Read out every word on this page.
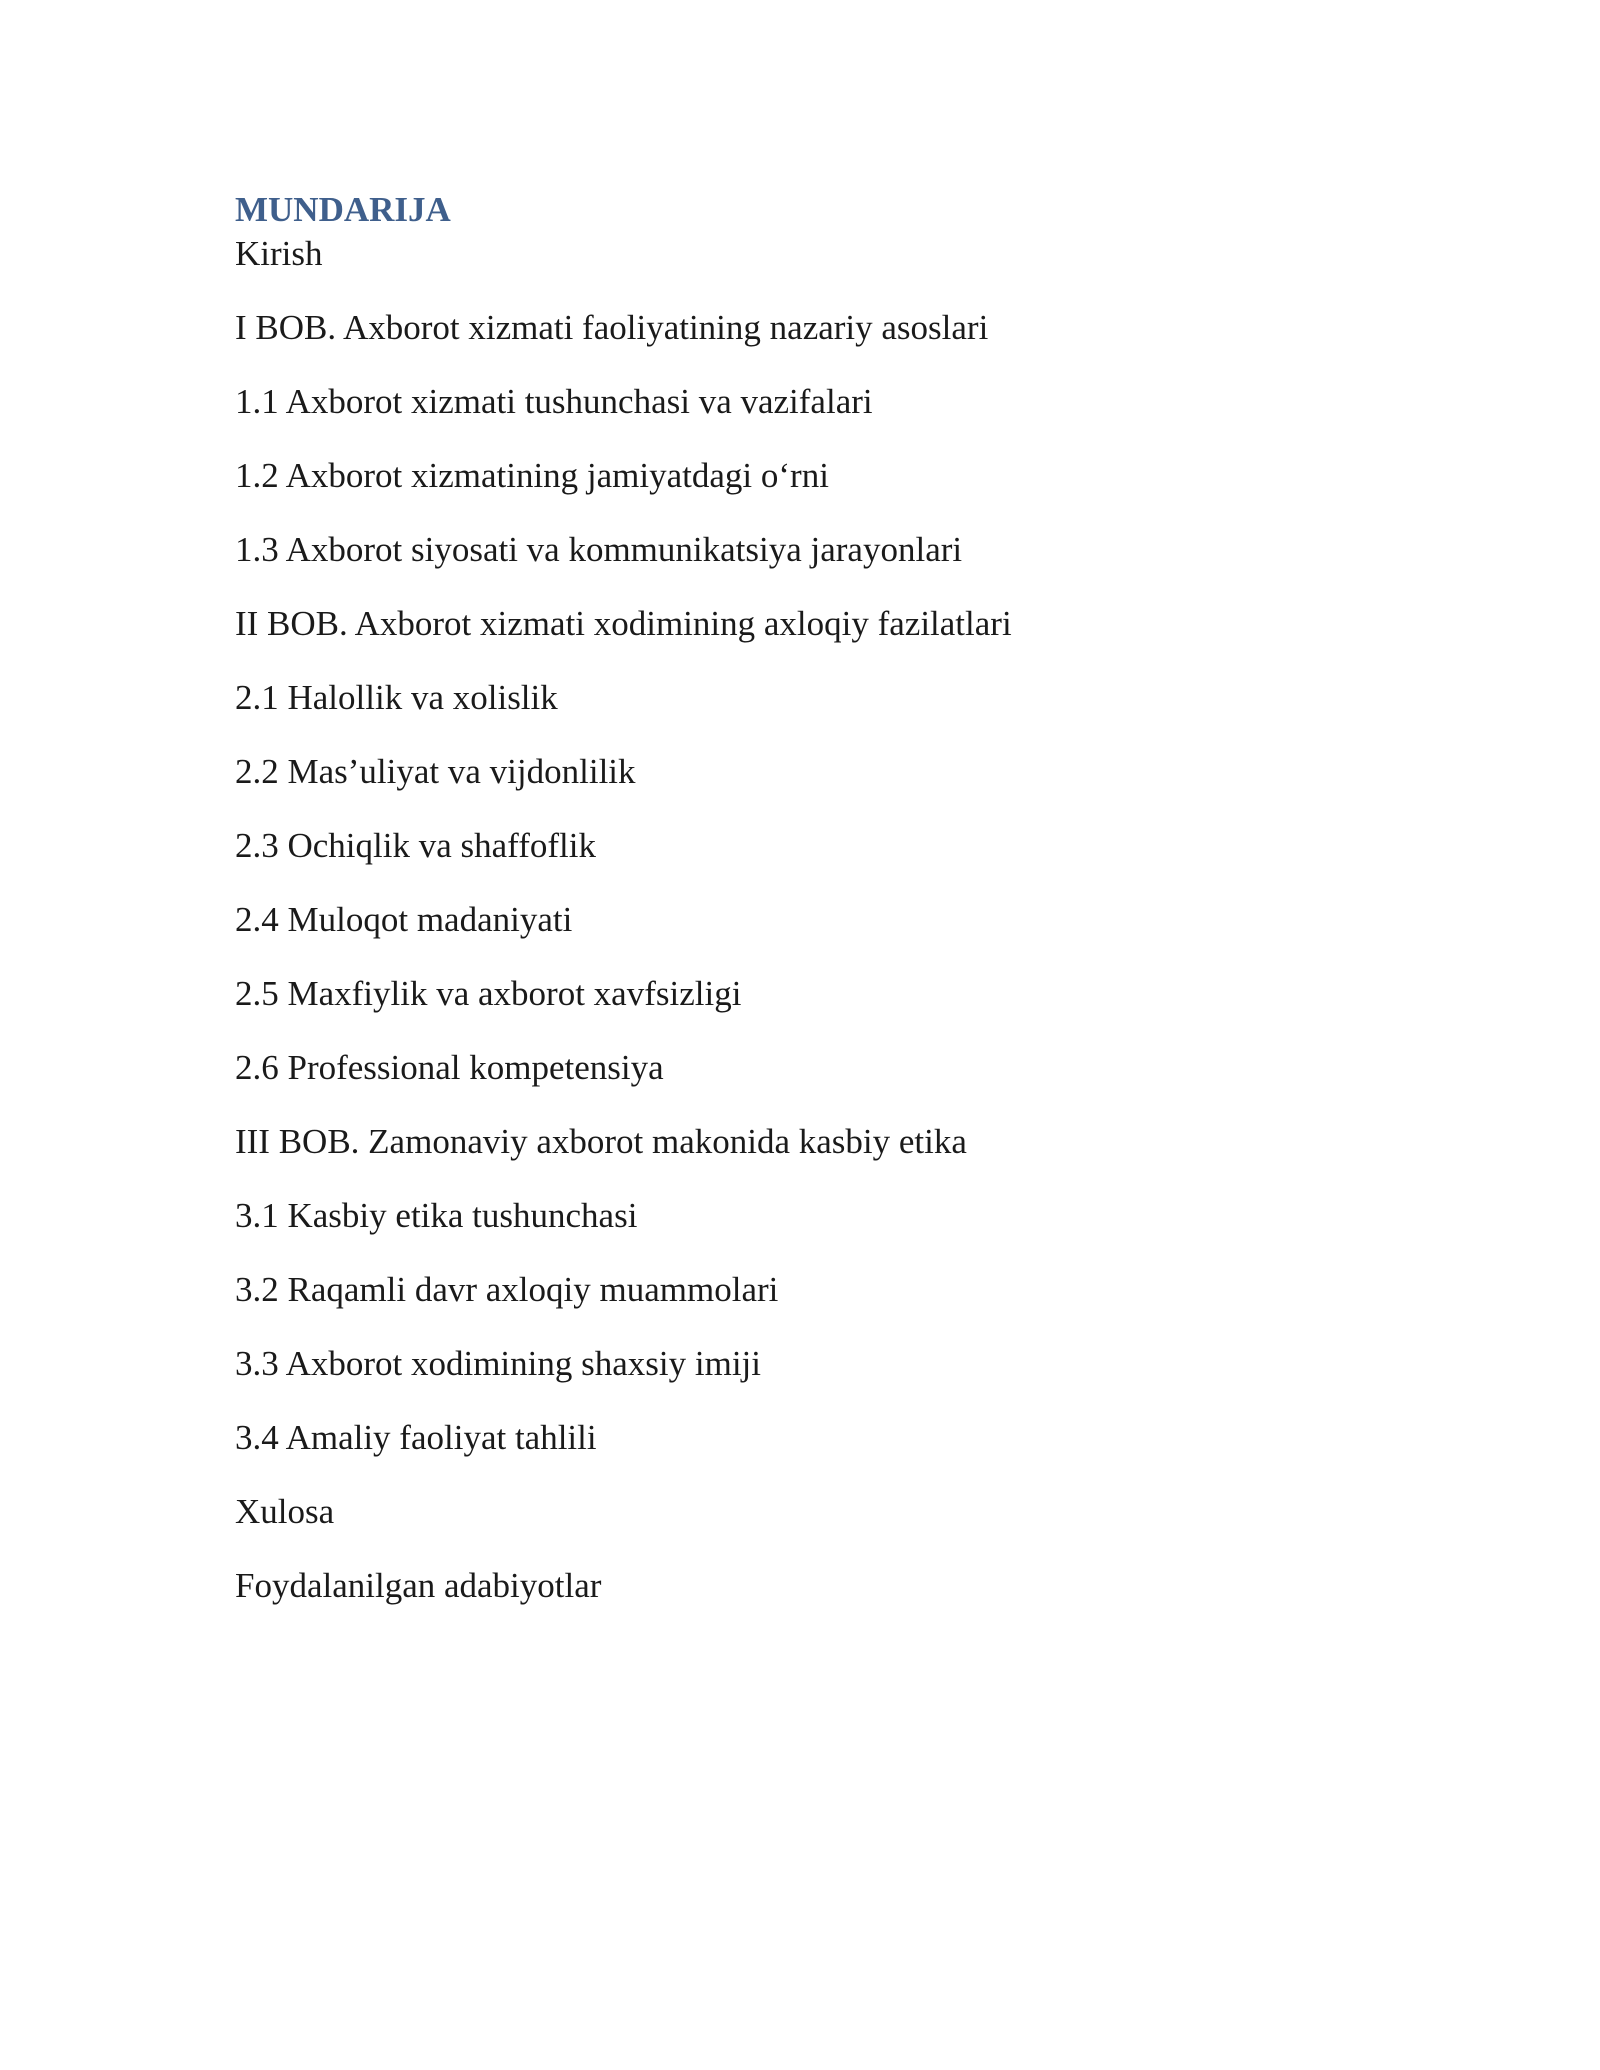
MUNDARIJA
Kirish
I BOB. Axborot xizmati faoliyatining nazariy asoslari
1.1 Axborot xizmati tushunchasi va vazifalari
1.2 Axborot xizmatining jamiyatdagi o‘rni
1.3 Axborot siyosati va kommunikatsiya jarayonlari
II BOB. Axborot xizmati xodimining axloqiy fazilatlari
2.1 Halollik va xolislik
2.2 Mas’uliyat va vijdonlilik
2.3 Ochiqlik va shaffoflik
2.4 Muloqot madaniyati
2.5 Maxfiylik va axborot xavfsizligi
2.6 Professional kompetensiya
III BOB. Zamonaviy axborot makonida kasbiy etika
3.1 Kasbiy etika tushunchasi
3.2 Raqamli davr axloqiy muammolari
3.3 Axborot xodimining shaxsiy imiji
3.4 Amaliy faoliyat tahlili
Xulosa
Foydalanilgan adabiyotlar
